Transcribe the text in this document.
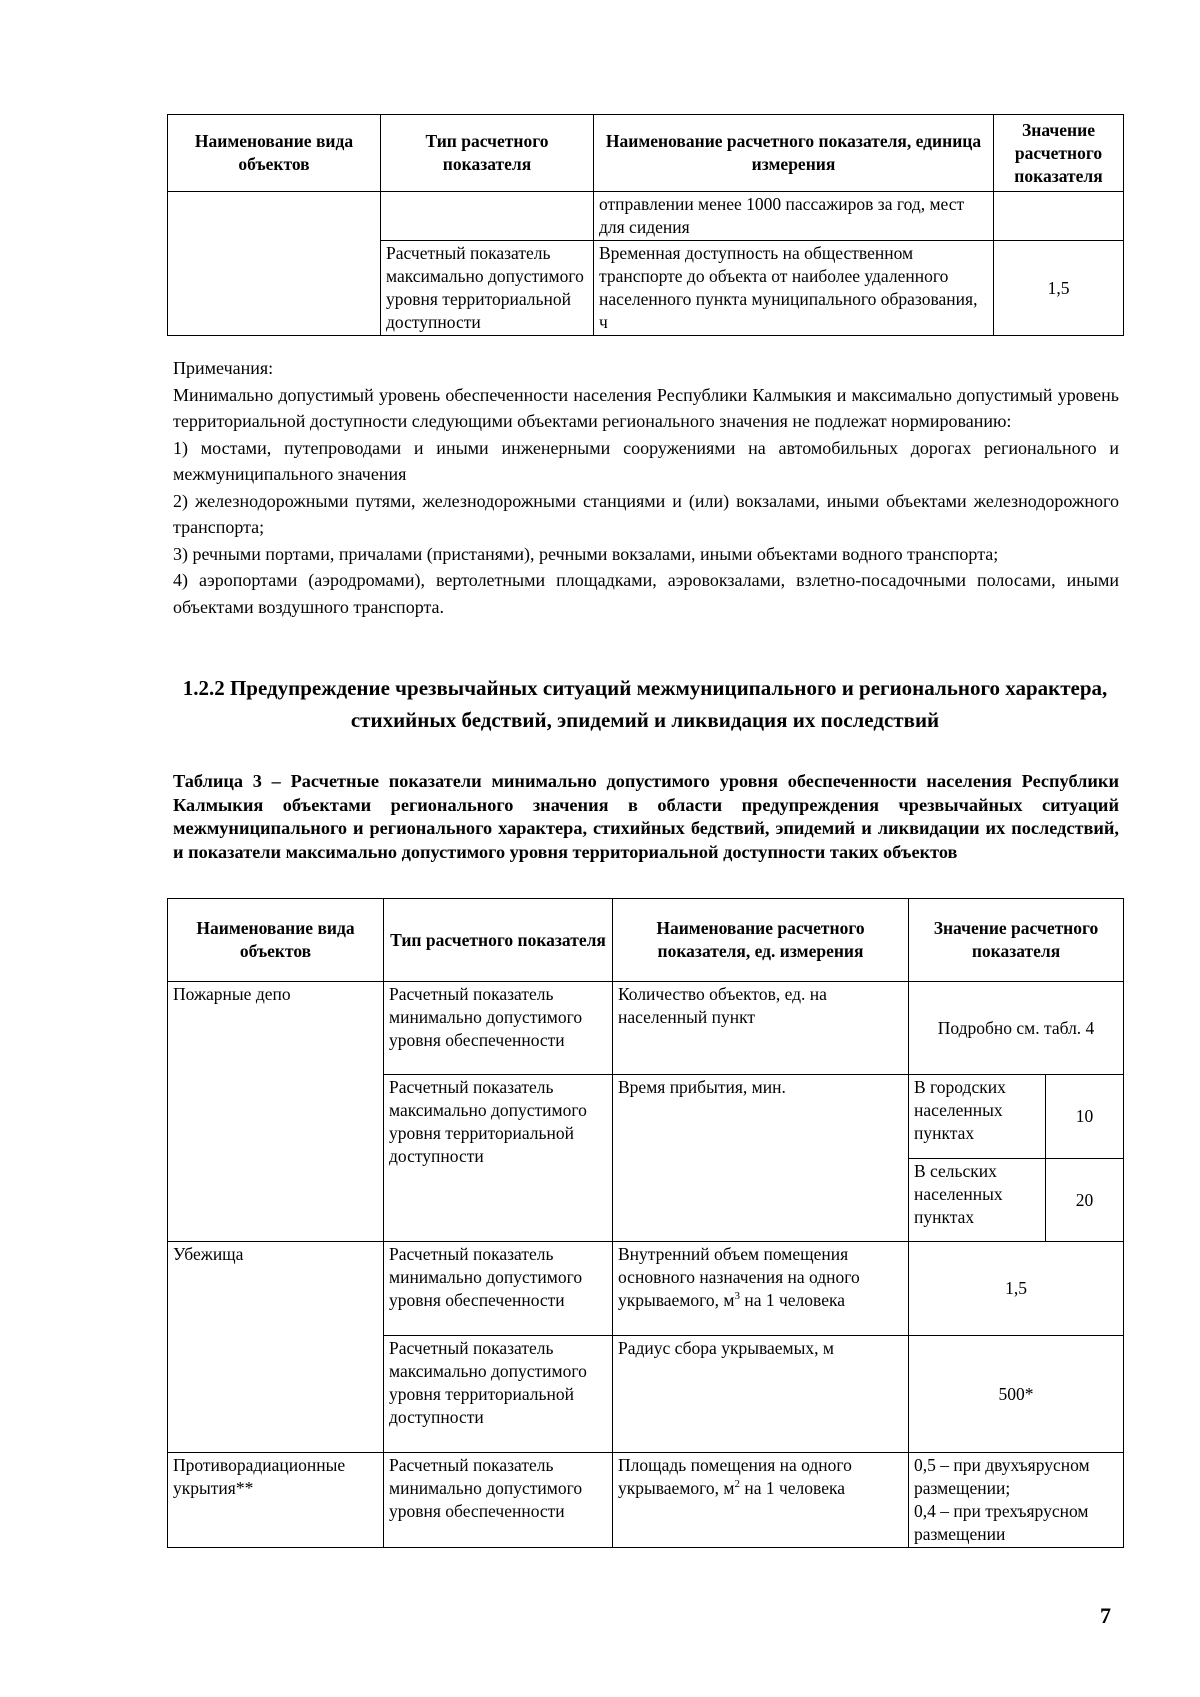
Наименование вида объектов	Тип расчетного показателя	Наименование расчетного показателя, единица измерения	Значение расчетного показателя
		отправлении менее 1000 пассажиров за год, мест для сидения	
	Расчетный показатель максимально допустимого уровня территориальной доступности	Временная доступность на общественном транспорте до объекта от наиболее удаленного населенного пункта муниципального образования, ч	1,5

Примечания:

Минимально допустимый уровень обеспеченности населения Республики Калмыкия и максимально допустимый уровень территориальной доступности следующими объектами регионального значения не подлежат нормированию:

1) мостами, путепроводами и иными инженерными сооружениями на автомобильных дорогах регионального и межмуниципального значения

2) железнодорожными путями, железнодорожными станциями и (или) вокзалами, иными объектами железнодорожного транспорта;

3) речными портами, причалами (пристанями), речными вокзалами, иными объектами водного транспорта;

4) аэропортами (аэродромами), вертолетными площадками, аэровокзалами, взлетно-посадочными полосами, иными объектами воздушного транспорта.

1.2.2 Предупреждение чрезвычайных ситуаций межмуниципального и регионального характера, стихийных бедствий, эпидемий и ликвидация их последствий
Таблица 3 – Расчетные показатели минимально допустимого уровня обеспеченности населения Республики Калмыкия объектами регионального значения в области предупреждения чрезвычайных ситуаций межмуниципального и регионального характера, стихийных бедствий, эпидемий и ликвидации их последствий, и показатели максимально допустимого уровня территориальной доступности таких объектов
Наименование вида объектов	Тип расчетного показателя	Наименование расчетного показателя, ед. измерения	Значение расчетного показателя	
Пожарные депо	Расчетный показатель минимально допустимого уровня обеспеченности	Количество объектов, ед. на населенный пункт	Подробно см. табл. 4	
	Расчетный показатель максимально допустимого уровня территориальной доступности	Время прибытия, мин.	В городских населенных пунктах	10
			В сельских населенных пунктах	20
Убежища	Расчетный показатель минимально допустимого уровня обеспеченности	Внутренний объем помещения основного назначения на одного укрываемого, $м^3$ на 1 человека	1,5	
	Расчетный показатель максимально допустимого уровня территориальной доступности	Радиус сбора укрываемых, м	500*	
Противорадиационные укрытия**	Расчетный показатель минимально допустимого уровня обеспеченности	Площадь помещения на одного укрываемого, $м^2$ на 1 человека	0,5 – при двухъярусном размещении;
0,4 – при трехъярусном размещении	
7
